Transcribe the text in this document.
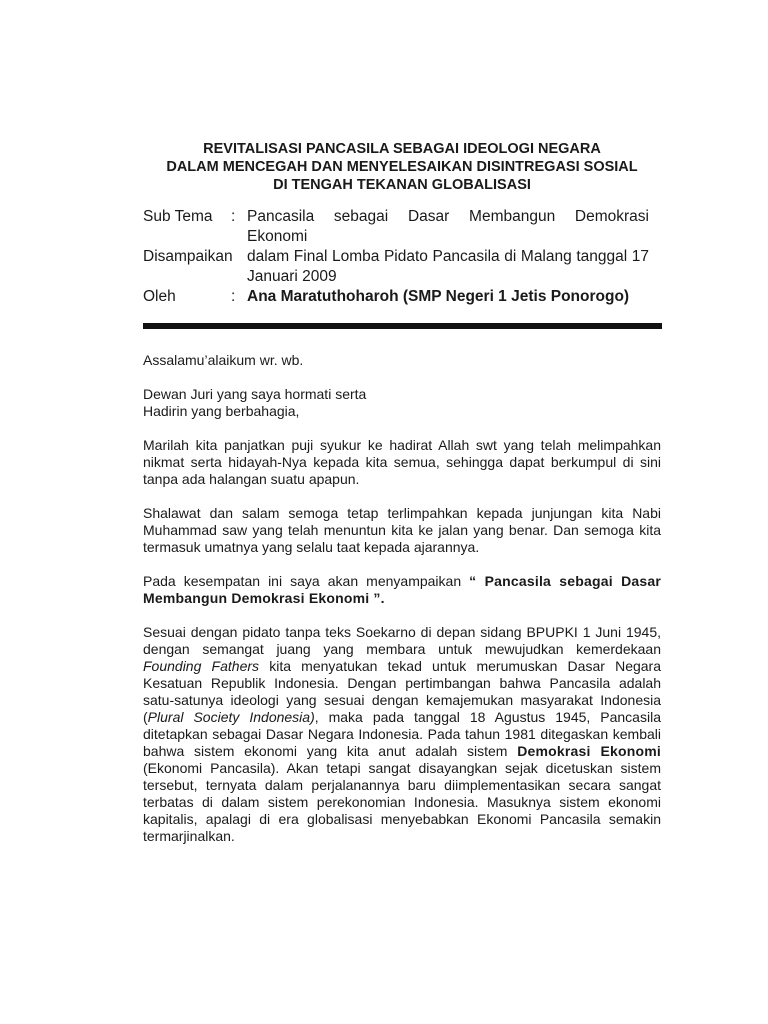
REVITALISASI PANCASILA SEBAGAI IDEOLOGI NEGARA
DALAM MENCEGAH DAN MENYELESAIKAN DISINTREGASI SOSIAL
DI TENGAH TEKANAN GLOBALISASI
Sub Tema	: Pancasila sebagai Dasar Membangun Demokrasi Ekonomi
Disampaikan dalam Final Lomba Pidato Pancasila di Malang tanggal 17 Januari 2009
Oleh	: Ana Maratuthoharoh (SMP Negeri 1 Jetis Ponorogo)

Assalamu’alaikum wr. wb.

Dewan Juri yang saya hormati serta
Hadirin yang berbahagia,

Marilah kita panjatkan puji syukur ke hadirat Allah swt yang telah melimpahkan nikmat serta hidayah-Nya kepada kita semua, sehingga dapat berkumpul di sini tanpa ada halangan suatu apapun.

Shalawat dan salam semoga tetap terlimpahkan kepada junjungan kita Nabi Muhammad saw yang telah menuntun kita ke jalan yang benar. Dan semoga kita termasuk umatnya yang selalu taat kepada ajarannya.

Pada kesempatan ini saya akan menyampaikan “ Pancasila sebagai Dasar Membangun Demokrasi Ekonomi ”.

Sesuai dengan pidato tanpa teks Soekarno di depan sidang BPUPKI 1 Juni 1945, dengan semangat juang yang membara untuk mewujudkan kemerdekaan Founding Fathers kita menyatukan tekad untuk merumuskan Dasar Negara Kesatuan Republik Indonesia. Dengan pertimbangan bahwa Pancasila adalah satu-satunya ideologi yang sesuai dengan kemajemukan masyarakat Indonesia (Plural Society Indonesia), maka pada tanggal 18 Agustus 1945, Pancasila ditetapkan sebagai Dasar Negara Indonesia. Pada tahun 1981 ditegaskan kembali bahwa sistem ekonomi yang kita anut adalah sistem Demokrasi Ekonomi (Ekonomi Pancasila). Akan tetapi sangat disayangkan sejak dicetuskan sistem tersebut, ternyata dalam perjalanannya baru diimplementasikan secara sangat terbatas di dalam sistem perekonomian Indonesia. Masuknya sistem ekonomi kapitalis, apalagi di era globalisasi menyebabkan Ekonomi Pancasila semakin termarjinalkan.
